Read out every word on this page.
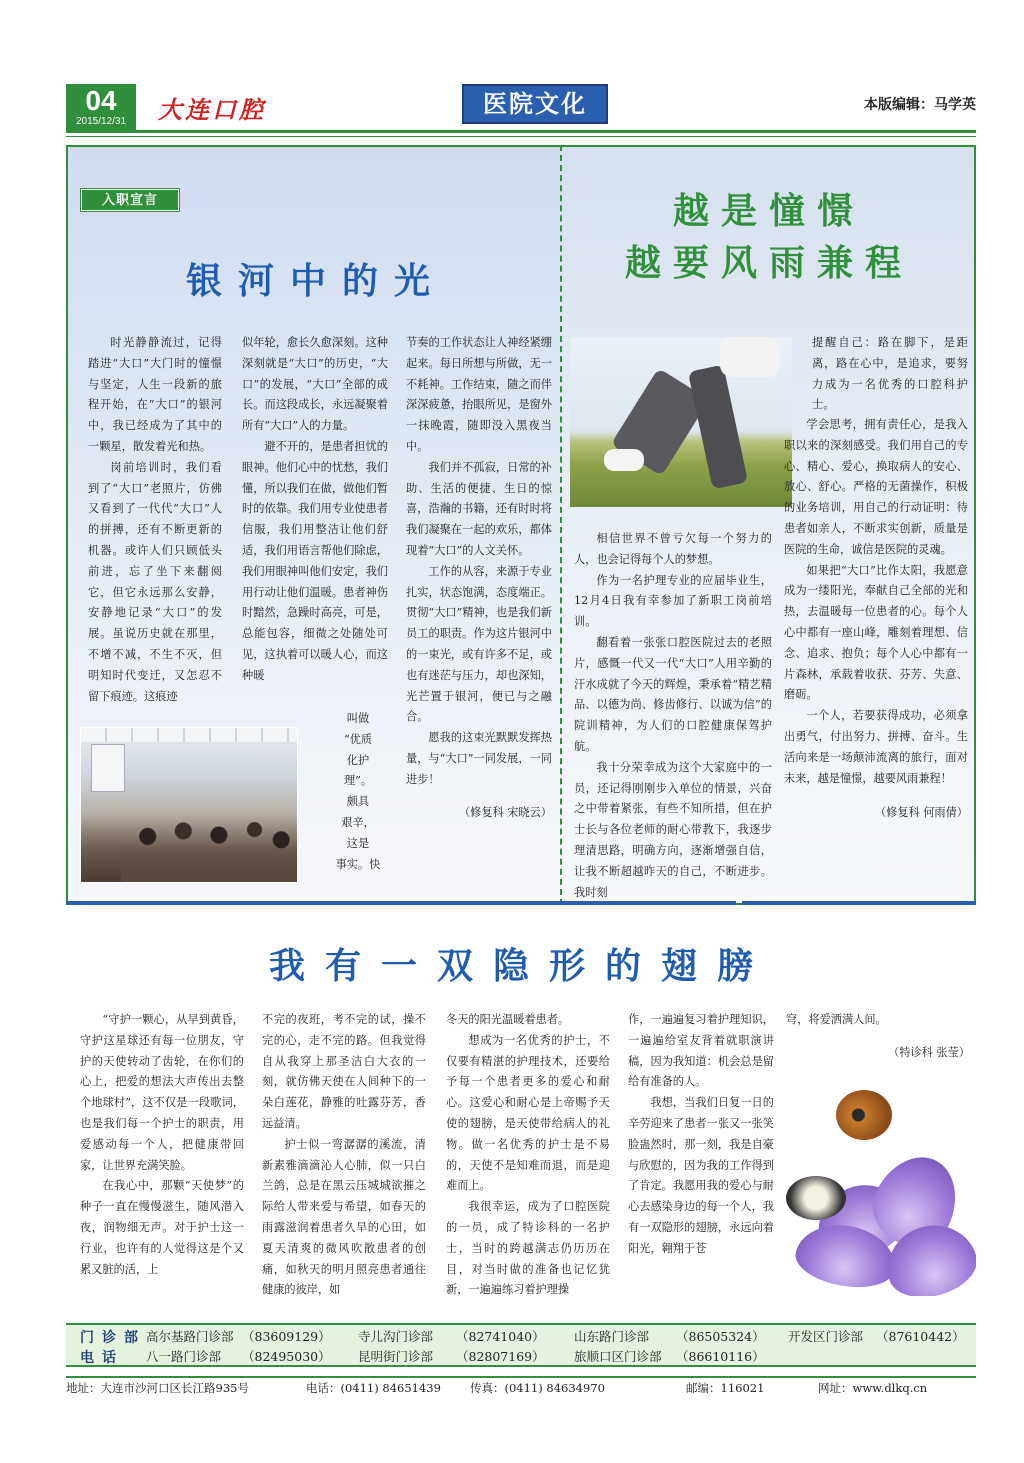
04
2015/12/31	大连口腔	医院文化	本版编辑：马学英
入职宣言
银河中的光

时光静静流过，记得踏进“大口”大门时的憧憬与坚定，人生一段新的旅程开始，在“大口”的银河中，我已经成为了其中的一颗星，散发着光和热。

岗前培训时，我们看到了“大口”老照片，仿佛又看到了一代代“大口”人的拼搏，还有不断更新的机器。或许人们只顾低头前进，忘了坐下来翻阅它，但它永远那么安静，安静地记录“大口”的发展。虽说历史就在那里，不增不减，不生不灭，但明知时代变迁，又怎忍不留下痕迹。这痕迹

似年轮，愈长久愈深刻。这种深刻就是“大口”的历史，“大口”的发展，“大口”全部的成长。而这段成长，永远凝聚着所有“大口”人的力量。

避不开的，是患者担忧的眼神。他们心中的忧愁，我们懂，所以我们在做，做他们暂时的依靠。我们用专业使患者信服，我们用整洁让他们舒适，我们用语言帮他们除虑，我们用眼神叫他们安定，我们用行动让他们温暖。患者神伤时黯然，急躁时高亮，可是，总能包容，细微之处随处可见，这执着可以暖人心，而这种暖

叫做

“优质

化护

理”。

颇具

艰辛，

这是

事实。快

节奏的工作状态让人神经紧绷起来。每日所想与所做，无一不耗神。工作结束，随之而伴深深疲惫，抬眼所见，是窗外一抹晚霞，随即没入黑夜当中。

我们并不孤寂，日常的补助、生活的便捷、生日的惊喜，浩瀚的书籍，还有时时将我们凝聚在一起的欢乐，都体现着“大口”的人文关怀。

工作的从容，来源于专业扎实，状态饱满，态度端正。贯彻“大口”精神，也是我们新员工的职责。作为这片银河中的一束光，或有许多不足，或也有迷茫与压力，却也深知，光芒置于银河，便已与之融合。

愿我的这束光默默发挥热量，与“大口”一同发展，一同进步！

（修复科 宋晓云）

越是憧憬
越要风雨兼程

提醒自己：路在脚下，是距离，路在心中，是追求，要努力成为一名优秀的口腔科护士。

相信世界不曾亏欠每一个努力的人，也会记得每个人的梦想。

作为一名护理专业的应届毕业生，12月4日我有幸参加了新职工岗前培训。

翻看着一张张口腔医院过去的老照片，感慨一代又一代“大口”人用辛勤的汗水成就了今天的辉煌，秉承着“精艺精品、以德为尚、修齿修行、以诚为信”的院训精神，为人们的口腔健康保驾护航。

我十分荣幸成为这个大家庭中的一员，还记得刚刚步入单位的情景，兴奋之中带着紧张，有些不知所措，但在护士长与各位老师的耐心带教下，我逐步理清思路，明确方向，逐渐增强自信，让我不断超越昨天的自己，不断进步。我时刻

学会思考，拥有责任心，是我入职以来的深刻感受。我们用自己的专心、精心、爱心，换取病人的安心、放心、舒心。严格的无菌操作，积极的业务培训，用自己的行动证明：待患者如亲人，不断求实创新，质量是医院的生命，诚信是医院的灵魂。

如果把“大口”比作太阳，我愿意成为一缕阳光，奉献自己全部的光和热，去温暖每一位患者的心。每个人心中都有一座山峰，雕刻着理想、信念、追求、抱负；每个人心中都有一片森林，承载着收获、芬芳、失意、磨砺。

一个人，若要获得成功，必须拿出勇气，付出努力、拼搏、奋斗。生活向来是一场颠沛流离的旅行，面对未来，越是憧憬，越要风雨兼程！

（修复科 何雨倩）

我有一双隐形的翅膀

“守护一颗心，从早到黄昏，守护这星球还有每一位朋友，守护的天使转动了齿轮，在你们的心上，把爱的想法大声传出去整个地球村”，这不仅是一段歌词，也是我们每一个护士的职责，用爱感动每一个人，把健康带回家，让世界充满笑脸。

在我心中，那颗“天使梦”的种子一直在慢慢滋生，随风潜入夜，润物细无声。对于护士这一行业，也许有的人觉得这是个又累又脏的活，上

不完的夜班，考不完的试，操不完的心，走不完的路。但我觉得自从我穿上那圣洁白大衣的一刻，就仿佛天使在人间种下的一朵白莲花，静雅的吐露芬芳，香远益清。

护士似一弯潺潺的溪流，清新素雅滴滴沁人心肺，似一只白兰鸽，总是在黑云压城城欲摧之际给人带来爱与希望，如春天的雨露滋润着患者久旱的心田，如夏天清爽的微风吹散患者的创痛，如秋天的明月照亮患者通往健康的彼岸，如

冬天的阳光温暖着患者。

想成为一名优秀的护士，不仅要有精湛的护理技术，还要给予每一个患者更多的爱心和耐心。这爱心和耐心是上帝赐予天使的翅膀，是天使带给病人的礼物。做一名优秀的护士是不易的，天使不是知难而退，而是迎难而上。

我很幸运，成为了口腔医院的一员，成了特诊科的一名护士，当时的跨越满志仍历历在目，对当时做的准备也记忆犹新，一遍遍练习着护理操

作，一遍遍复习着护理知识，一遍遍给室友背着就职演讲稿，因为我知道：机会总是留给有准备的人。

我想，当我们日复一日的辛劳迎来了患者一张又一张笑脸蛊然时，那一刻，我是自豪与欣慰的，因为我的工作得到了肯定。我愿用我的爱心与耐心去感染身边的每一个人，我有一双隐形的翅膀，永远向着阳光，翱翔于苍

穹，将爱洒满人间。

（特诊科 张莹）

门诊部
电话
高尔基路门诊部 （83609129） 寺儿沟门诊部 （82741040） 山东路门诊部 （86505324） 开发区门诊部 （87610442）
八一路门诊部 （82495030） 昆明街门诊部 （82807169） 旅顺口区门诊部 （86610116）
地址：大连市沙河口区长江路935号	电话：(0411) 84651439	传真：(0411) 84634970	邮编：116021	网址：www.dlkq.cn
